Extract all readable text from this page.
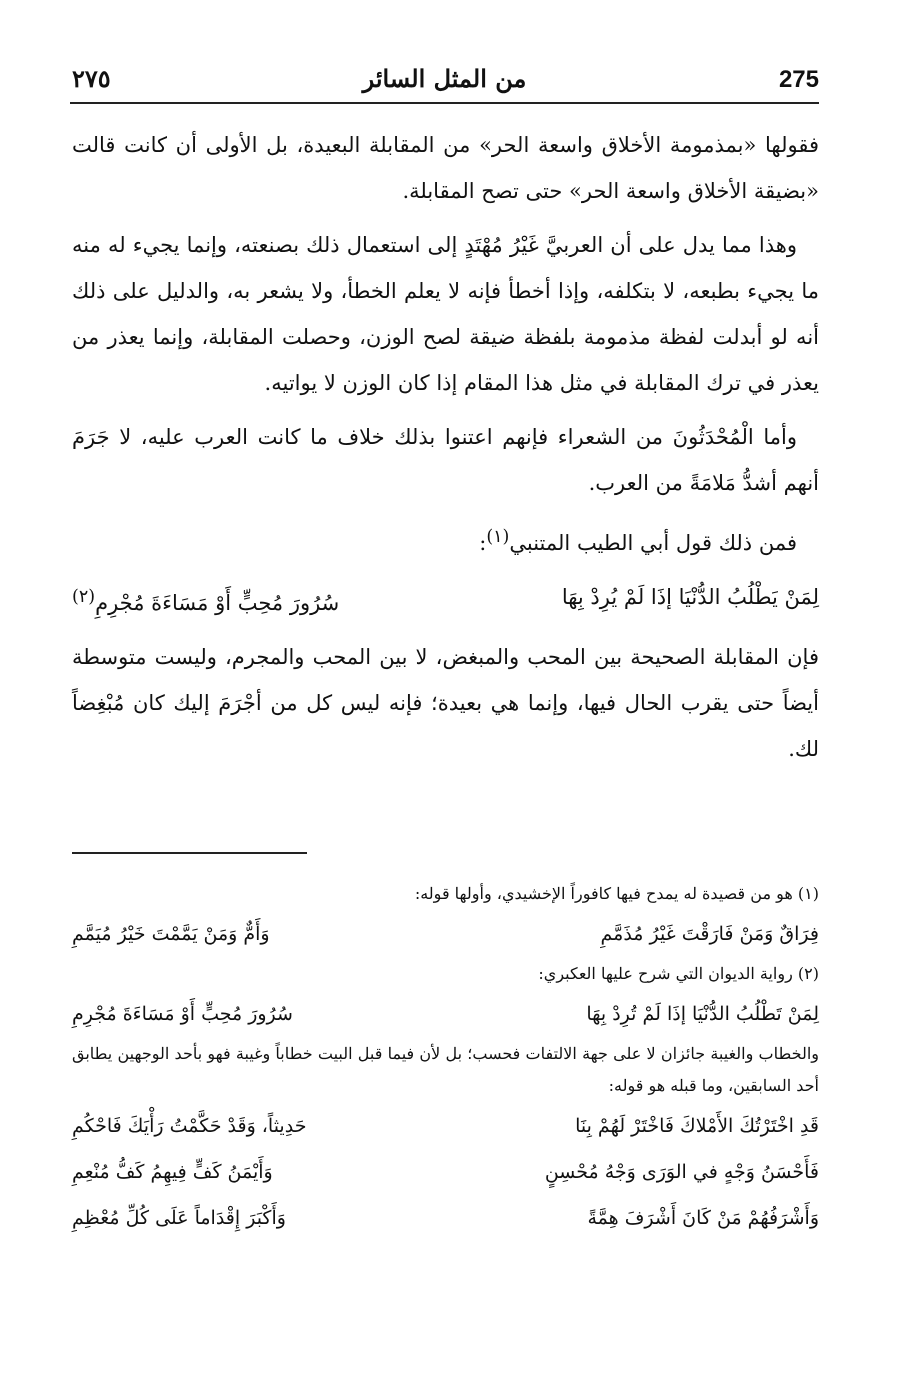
275
من المثل السائر
٢٧٥

فقولها «بمذمومة الأخلاق واسعة الحر» من المقابلة البعيدة، بل الأولى أن كانت قالت «بضيقة الأخلاق واسعة الحر» حتى تصح المقابلة.

وهذا مما يدل على أن العربيَّ غَيْرُ مُهْتَدٍ إلى استعمال ذلك بصنعته، وإنما يجيء له منه ما يجيء بطبعه، لا بتكلفه، وإذا أخطأ فإنه لا يعلم الخطأ، ولا يشعر به، والدليل على ذلك أنه لو أبدلت لفظة مذمومة بلفظة ضيقة لصح الوزن، وحصلت المقابلة، وإنما يعذر من يعذر في ترك المقابلة في مثل هذا المقام إذا كان الوزن لا يواتيه.

وأما الْمُحْدَثُونَ من الشعراء فإنهم اعتنوا بذلك خلاف ما كانت العرب عليه، لا جَرَمَ أنهم أشدُّ مَلامَةً من العرب.

فمن ذلك قول أبي الطيب المتنبي$^{(١)}$:

لِمَنْ يَطْلُبُ الدُّنْيَا إذَا لَمْ يُرِدْ بِهَا
سُرُورَ مُحِبٍّ أَوْ مَسَاءَةَ مُجْرِمِ$^{(٢)}$

فإن المقابلة الصحيحة بين المحب والمبغض، لا بين المحب والمجرم، وليست متوسطة أيضاً حتى يقرب الحال فيها، وإنما هي بعيدة؛ فإنه ليس كل من أجْرَمَ إليك كان مُبْغِضاً لك.

(١) هو من قصيدة له يمدح فيها كافوراً الإخشيدي، وأولها قوله:

فِرَاقٌ وَمَنْ فَارَقْتَ غَيْرُ مُذَمَّمِ
وَأَمٌّ وَمَنْ يَمَّمْتَ خَيْرُ مُيَمَّمِ

(٢) رواية الديوان التي شرح عليها العكبري:

لِمَنْ تَطْلُبُ الدُّنْيَا إذَا لَمْ تُرِدْ بِهَا
سُرُورَ مُحِبٍّ أَوْ مَسَاءَةَ مُجْرِمِ

والخطاب والغيبة جائزان لا على جهة الالتفات فحسب؛ بل لأن فيما قبل البيت خطاباً وغيبة فهو بأحد الوجهين يطابق أحد السابقين، وما قبله هو قوله:

قَدِ اخْتَرْتُكَ الأَمْلاكَ فَاخْتَرْ لَهُمْ بِنَا
حَدِيثاً، وَقَدْ حَكَّمْتُ رَأْيَكَ فَاحْكُمِ
فَأَحْسَنُ وَجْهٍ في الوَرَى وَجْهُ مُحْسِنٍ
وَأَيْمَنُ كَفٍّ فِيهِمُ كَفُّ مُنْعِمِ
وَأَشْرَفُهُمْ مَنْ كَانَ أَشْرَفَ هِمَّةً
وَأَكْبَرَ إِقْدَاماً عَلَى كُلِّ مُعْظِمِ
